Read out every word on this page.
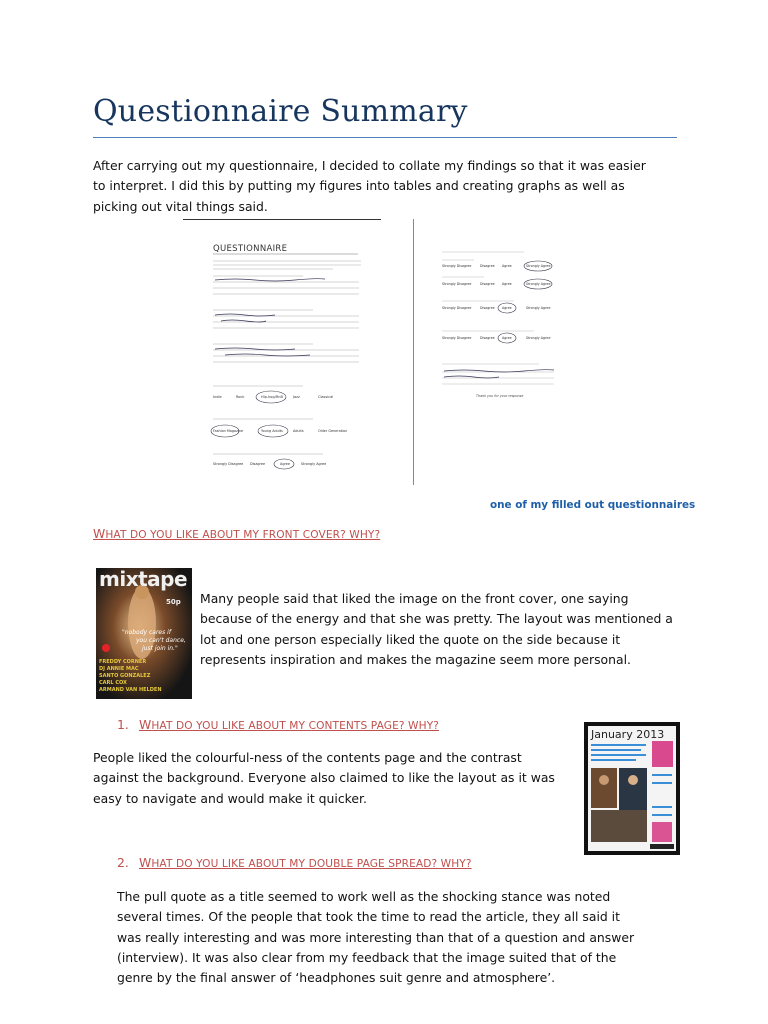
Questionnaire Summary

After carrying out my questionnaire, I decided to collate my findings so that it was easier to interpret. I did this by putting my figures into tables and creating graphs as well as picking out vital things said.

QUESTIONNAIRE
Indie	Rock	Hip-hop/RnB	Jazz	Classical
Fashion Magazine	Young Adults	Adults	Older Generation
Strongly Disagree Disagree	Agree	Strongly Agree
Strongly Disagree	Disagree Agree	Strongly Agree
Strongly Disagree	Disagree Agree	Strongly Agree
Strongly Disagree	Disagree Agree	Strongly Agree
Strongly Disagree	Disagree Agree	Strongly Agree
Thank you for your response
one of my filled out questionnaires
WHAT DO YOU LIKE ABOUT MY FRONT COVER? WHY?
mixtape
50p
"nobody cares if
you can't dance,
just join in."
FREDDY CORNER
DJ ANNIE MAC
SANTO GONZALEZ
CARL COX
ARMAND VAN HELDEN

Many people said that liked the image on the front cover, one saying because of the energy and that she was pretty. The layout was mentioned a lot and one person especially liked the quote on the side because it represents inspiration and makes the magazine seem more personal.

1. WHAT DO YOU LIKE ABOUT MY CONTENTS PAGE? WHY?
January 2013

People liked the colourful-ness of the contents page and the contrast against the background. Everyone also claimed to like the layout as it was easy to navigate and would make it quicker.

2. WHAT DO YOU LIKE ABOUT MY DOUBLE PAGE SPREAD? WHY?

The pull quote as a title seemed to work well as the shocking stance was noted several times. Of the people that took the time to read the article, they all said it was really interesting and was more interesting than that of a question and answer (interview). It was also clear from my feedback that the image suited that of the genre by the final answer of ‘headphones suit genre and atmosphere’.
